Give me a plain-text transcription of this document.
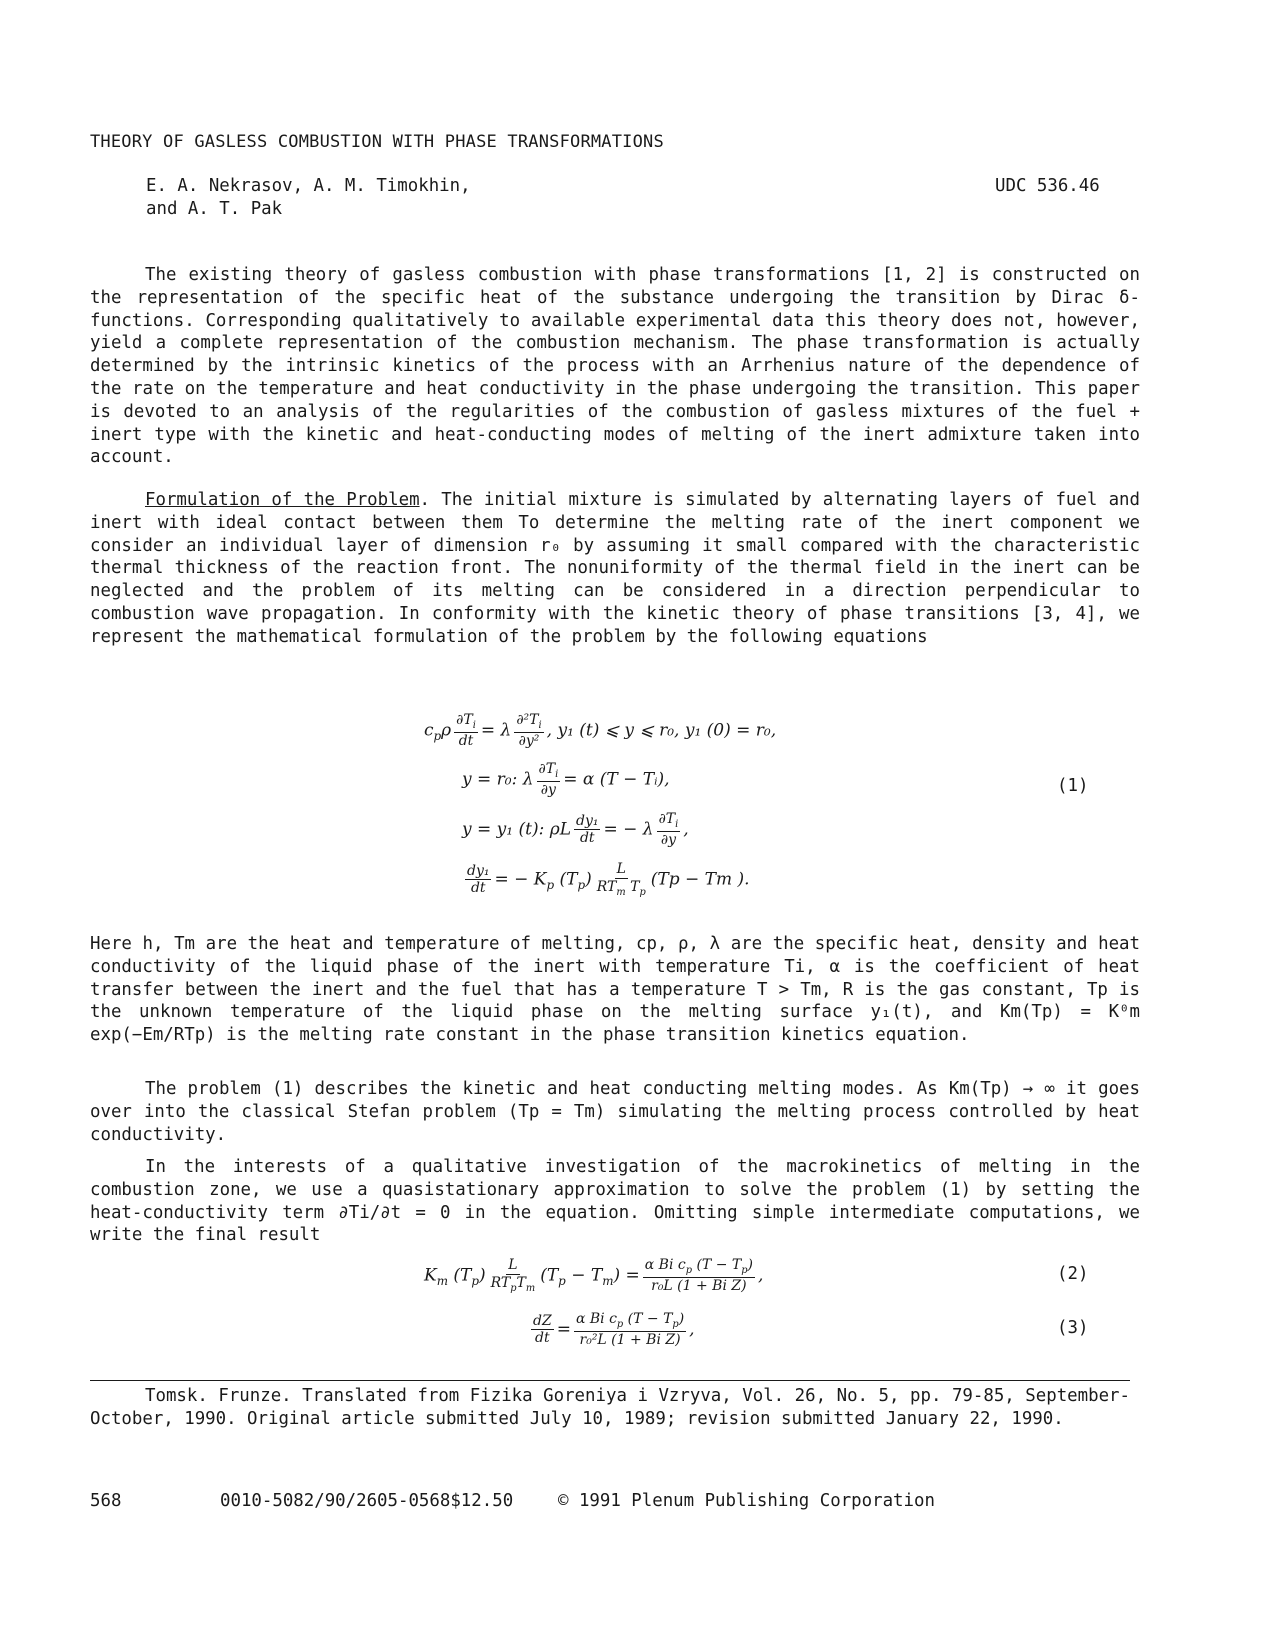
THEORY OF GASLESS COMBUSTION WITH PHASE TRANSFORMATIONS
E. A. Nekrasov, A. M. Timokhin,
and A. T. Pak
UDC 536.46
The existing theory of gasless combustion with phase transformations [1, 2] is constructed on the representation of the specific heat of the substance undergoing the transition by Dirac δ-functions. Corresponding qualitatively to available experimental data this theory does not, however, yield a complete representation of the combustion mechanism. The phase transformation is actually determined by the intrinsic kinetics of the process with an Arrhenius nature of the dependence of the rate on the temperature and heat conductivity in the phase undergoing the transition. This paper is devoted to an analysis of the regularities of the combustion of gasless mixtures of the fuel + inert type with the kinetic and heat-conducting modes of melting of the inert admixture taken into account.
Formulation of the Problem. The initial mixture is simulated by alternating layers of fuel and inert with ideal contact between them To determine the melting rate of the inert component we consider an individual layer of dimension r₀ by assuming it small compared with the characteristic thermal thickness of the reaction front. The nonuniformity of the thermal field in the inert can be neglected and the problem of its melting can be considered in a direction perpendicular to combustion wave propagation. In conformity with the kinetic theory of phase transitions [3, 4], we represent the mathematical formulation of the problem by the following equations
$c_p\rho \frac{\partial T_i}{dt} = \lambda \frac{\partial^2T_i}{\text{∂y²}}$ , y₁ (t) ⩽ y ⩽ r₀, y₁ (0) = r₀,
y = r₀: λ $\frac{\partial T_i}{\partial y} = \alpha$ (T − Tᵢ),
y = y₁ (t): ρL $\frac{\text{dy₁}}{dt}$ = − λ $\frac{\partial T_i}{\partial y}$ ,
$\frac{\text{dy₁}}{dt}$ = − $K_p$ $(T_p) \frac{L}{RT_m T_p} (Tp - Tm$ ).
(1)
Here h, Tm are the heat and temperature of melting, cp, ρ, λ are the specific heat, density and heat conductivity of the liquid phase of the inert with temperature Ti, α is the coefficient of heat transfer between the inert and the fuel that has a temperature T > Tm, R is the gas constant, Tp is the unknown temperature of the liquid phase on the melting surface y₁(t), and Km(Tp) = K⁰m exp(−Em/RTp) is the melting rate constant in the phase transition kinetics equation.
The problem (1) describes the kinetic and heat conducting melting modes. As Km(Tp) → ∞ it goes over into the classical Stefan problem (Tp = Tm) simulating the melting process controlled by heat conductivity.
In the interests of a qualitative investigation of the macrokinetics of melting in the combustion zone, we use a quasistationary approximation to solve the problem (1) by setting the heat-conductivity term ∂Ti/∂t = 0 in the equation. Omitting simple intermediate computations, we write the final result
$K_m$ $(T_p) \frac{L}{RT_pT_m} (T_p - T_m) = \frac{\alpha Bi c_p (T - T_p)}{\text{r₀L (1 + Bi Z)}}$ ,	(2)
$\frac{dZ}{dt} = \frac{\alpha Bi c_p (T - T_p)}{\text{r₀²L (1 + Bi Z)}}$ ,	(3)
Tomsk. Frunze. Translated from Fizika Goreniya i Vzryva, Vol. 26, No. 5, pp. 79-85, September-October, 1990. Original article submitted July 10, 1989; revision submitted January 22, 1990.
568	0010-5082/90/2605-0568$12.50	© 1991 Plenum Publishing Corporation
